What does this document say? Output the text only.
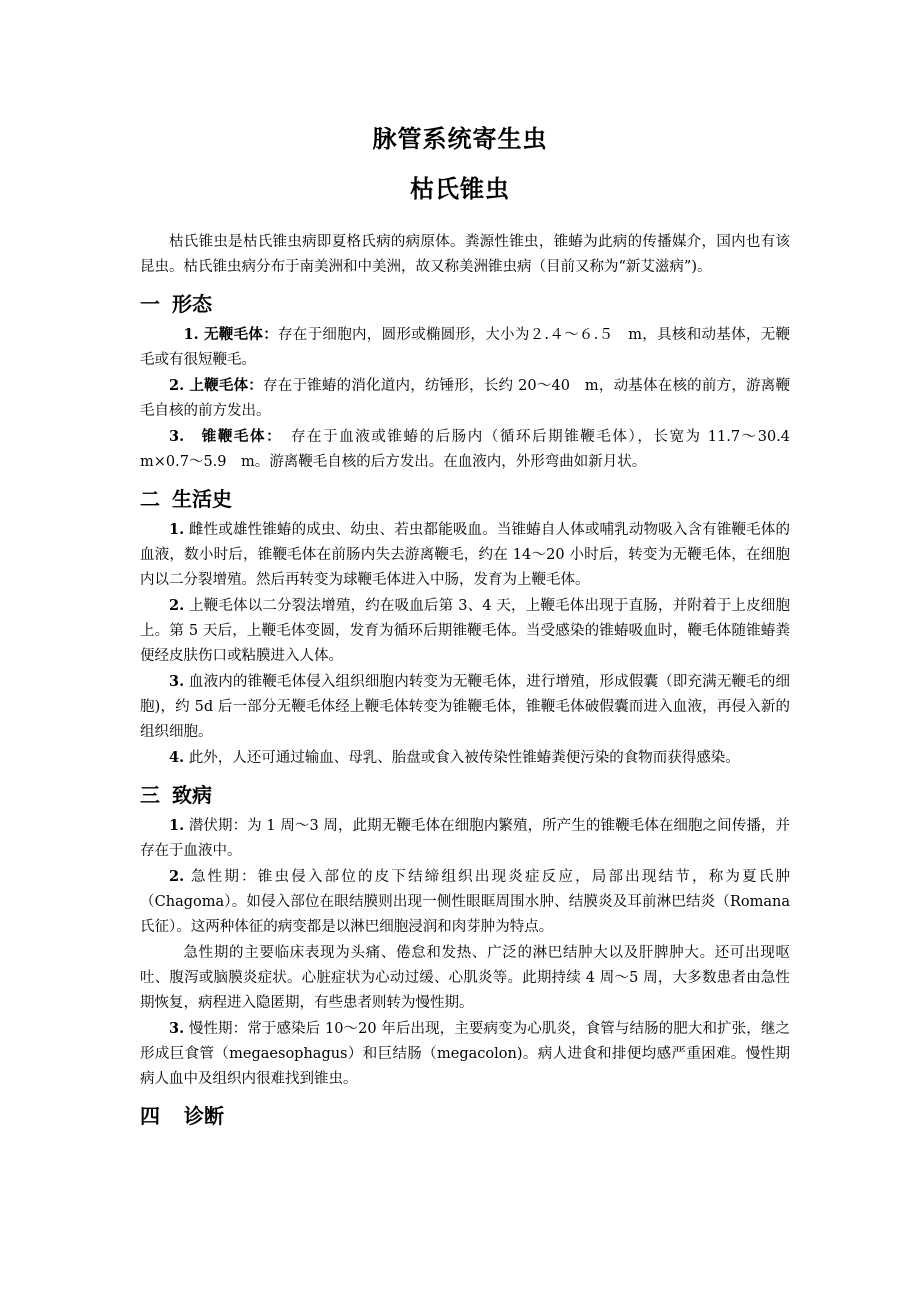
脉管系统寄生虫
枯氏锥虫

枯氏锥虫是枯氏锥虫病即夏格氏病的病原体。粪源性锥虫，锥蝽为此病的传播媒介，国内也有该昆虫。枯氏锥虫病分布于南美洲和中美洲，故又称美洲锥虫病（目前又称为“新艾滋病”)。

一 形态

1. 无鞭毛体：存在于细胞内，圆形或椭圆形，大小为２.４～６.５　m，具核和动基体，无鞭毛或有很短鞭毛。

2. 上鞭毛体：存在于锥蝽的消化道内，纺锤形，长约 20～40　m，动基体在核的前方，游离鞭毛自核的前方发出。

3.　锥鞭毛体：　存在于血液或锥蝽的后肠内（循环后期锥鞭毛体），长宽为 11.7～30.4　m×0.7～5.9　m。游离鞭毛自核的后方发出。在血液内，外形弯曲如新月状。

二 生活史

1. 雌性或雄性锥蝽的成虫、幼虫、若虫都能吸血。当锥蝽自人体或哺乳动物吸入含有锥鞭毛体的血液，数小时后，锥鞭毛体在前肠内失去游离鞭毛，约在 14～20 小时后，转变为无鞭毛体，在细胞内以二分裂增殖。然后再转变为球鞭毛体进入中肠，发育为上鞭毛体。

2. 上鞭毛体以二分裂法增殖，约在吸血后第 3、4 天，上鞭毛体出现于直肠，并附着于上皮细胞上。第 5 天后，上鞭毛体变圆，发育为循环后期锥鞭毛体。当受感染的锥蝽吸血时，鞭毛体随锥蝽粪便经皮肤伤口或粘膜进入人体。

3. 血液内的锥鞭毛体侵入组织细胞内转变为无鞭毛体，进行增殖，形成假囊（即充满无鞭毛的细胞)，约 5d 后一部分无鞭毛体经上鞭毛体转变为锥鞭毛体，锥鞭毛体破假囊而进入血液，再侵入新的组织细胞。

4. 此外，人还可通过输血、母乳、胎盘或食入被传染性锥蝽粪便污染的食物而获得感染。

三 致病

1. 潜伏期：为 1 周～3 周，此期无鞭毛体在细胞内繁殖，所产生的锥鞭毛体在细胞之间传播，并存在于血液中。

2. 急性期：锥虫侵入部位的皮下结缔组织出现炎症反应，局部出现结节，称为夏氏肿（Chagoma）。如侵入部位在眼结膜则出现一侧性眼眶周围水肿、结膜炎及耳前淋巴结炎（Romana 氏征）。这两种体征的病变都是以淋巴细胞浸润和肉芽肿为特点。

急性期的主要临床表现为头痛、倦怠和发热、广泛的淋巴结肿大以及肝脾肿大。还可出现呕吐、腹泻或脑膜炎症状。心脏症状为心动过缓、心肌炎等。此期持续 4 周～5 周，大多数患者由急性期恢复，病程进入隐匿期，有些患者则转为慢性期。

3. 慢性期：常于感染后 10～20 年后出现，主要病变为心肌炎，食管与结肠的肥大和扩张，继之形成巨食管（megaesophagus）和巨结肠（megacolon)。病人进食和排便均感严重困难。慢性期病人血中及组织内很难找到锥虫。

四 诊断
